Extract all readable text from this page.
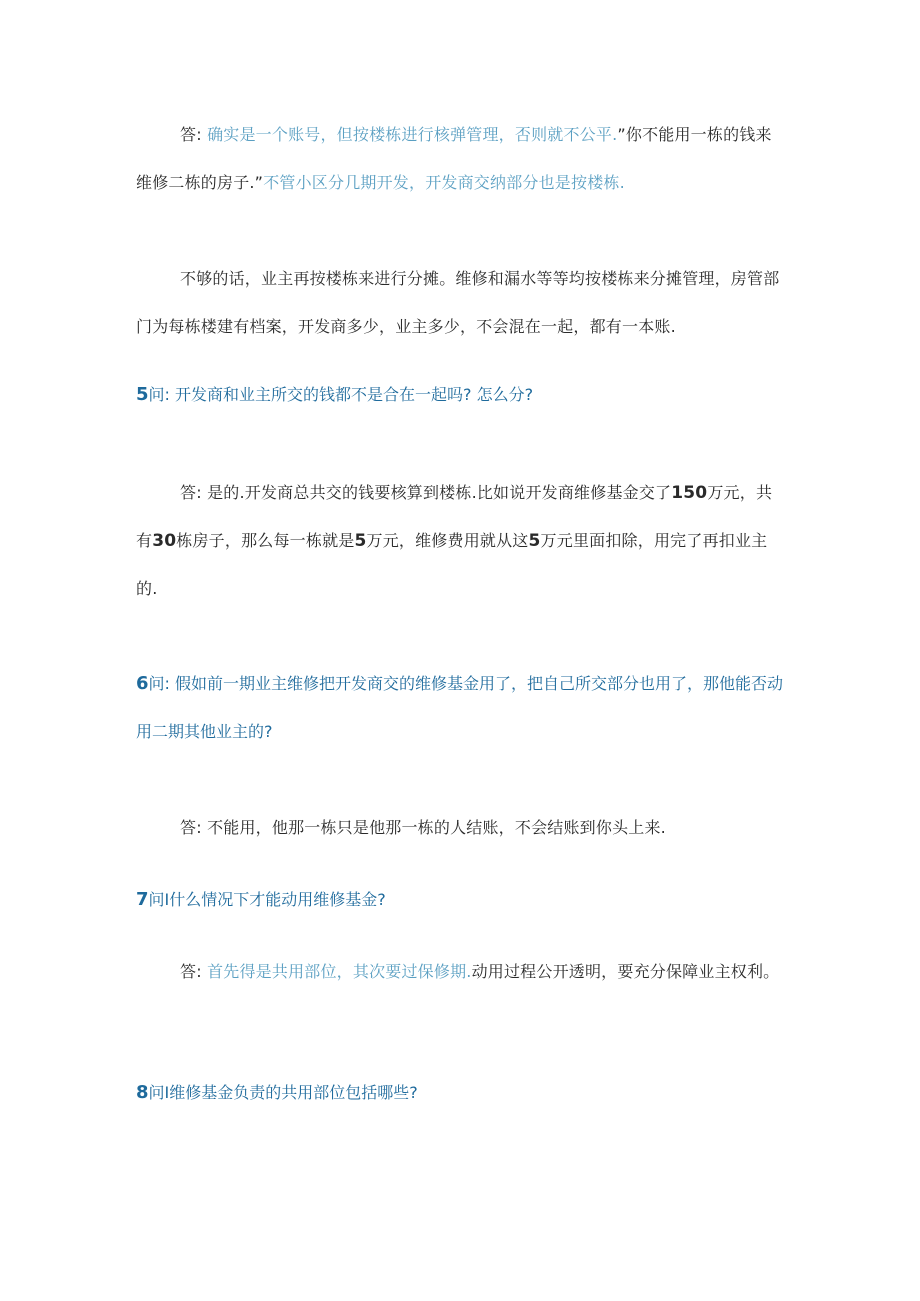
答: 确实是一个账号，但按楼栋进行核弹管理，否则就不公平.”你不能用一栋的钱来维修二栋的房子.”不管小区分几期开发，开发商交纳部分也是按楼栋.

不够的话，业主再按楼栋来进行分摊。维修和漏水等等均按楼栋来分摊管理，房管部门为每栋楼建有档案，开发商多少，业主多少，不会混在一起，都有一本账.

5问: 开发商和业主所交的钱都不是合在一起吗? 怎么分?

答: 是的.开发商总共交的钱要核算到楼栋.比如说开发商维修基金交了150万元，共有30栋房子，那么每一栋就是5万元，维修费用就从这5万元里面扣除，用完了再扣业主的.

6问: 假如前一期业主维修把开发商交的维修基金用了，把自己所交部分也用了，那他能否动用二期其他业主的?

答: 不能用，他那一栋只是他那一栋的人结账，不会结账到你头上来.

7问I什么情况下才能动用维修基金?

答: 首先得是共用部位，其次要过保修期.动用过程公开透明，要充分保障业主权利。

8问I维修基金负责的共用部位包括哪些?
